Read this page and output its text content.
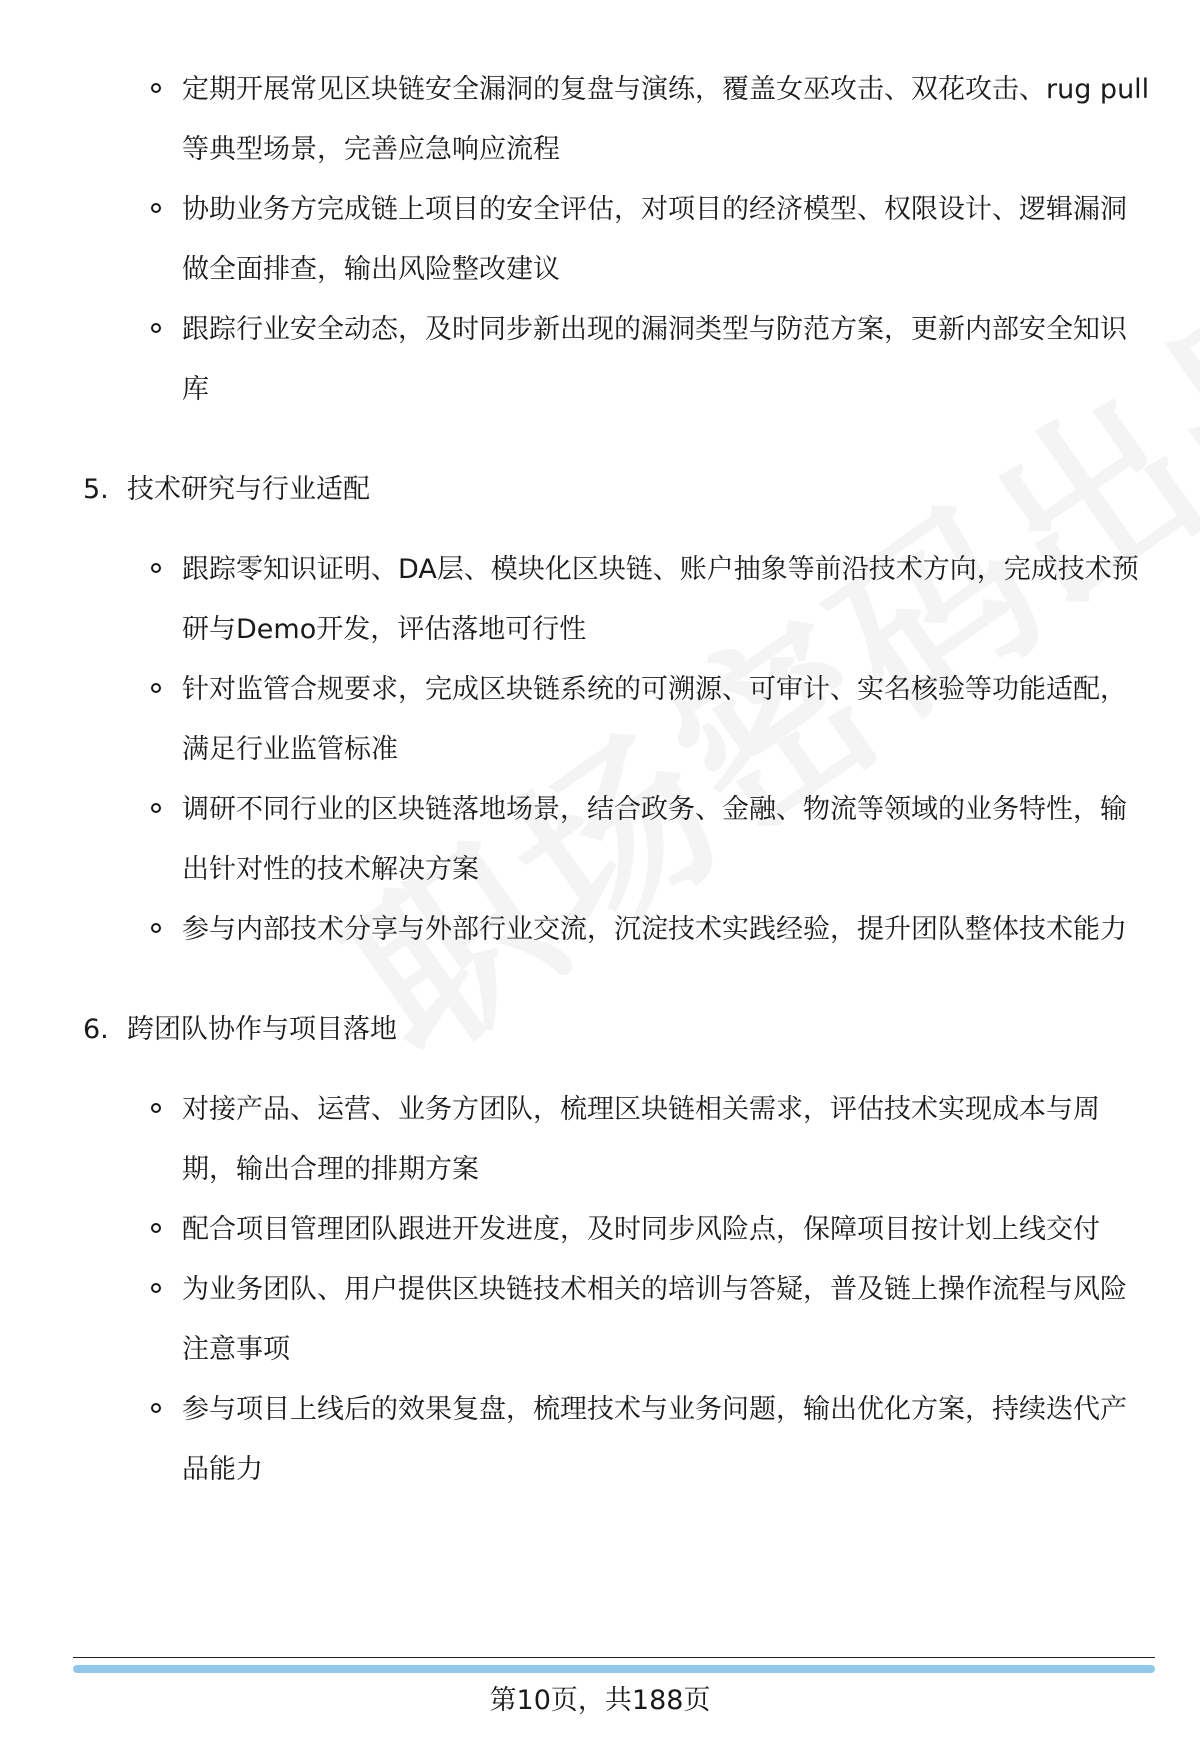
定期开展常见区块链安全漏洞的复盘与演练，覆盖女巫攻击、双花攻击、rug pull 等典型场景，完善应急响应流程
协助业务方完成链上项目的安全评估，对项目的经济模型、权限设计、逻辑漏洞做全面排查，输出风险整改建议
跟踪行业安全动态，及时同步新出现的漏洞类型与防范方案，更新内部安全知识库
5. 技术研究与行业适配
跟踪零知识证明、DA层、模块化区块链、账户抽象等前沿技术方向，完成技术预研与Demo开发，评估落地可行性
针对监管合规要求，完成区块链系统的可溯源、可审计、实名核验等功能适配，满足行业监管标准
调研不同行业的区块链落地场景，结合政务、金融、物流等领域的业务特性，输出针对性的技术解决方案
参与内部技术分享与外部行业交流，沉淀技术实践经验，提升团队整体技术能力
6. 跨团队协作与项目落地
对接产品、运营、业务方团队，梳理区块链相关需求，评估技术实现成本与周期，输出合理的排期方案
配合项目管理团队跟进开发进度，及时同步风险点，保障项目按计划上线交付
为业务团队、用户提供区块链技术相关的培训与答疑，普及链上操作流程与风险注意事项
参与项目上线后的效果复盘，梳理技术与业务问题，输出优化方案，持续迭代产品能力
第10页，共188页
